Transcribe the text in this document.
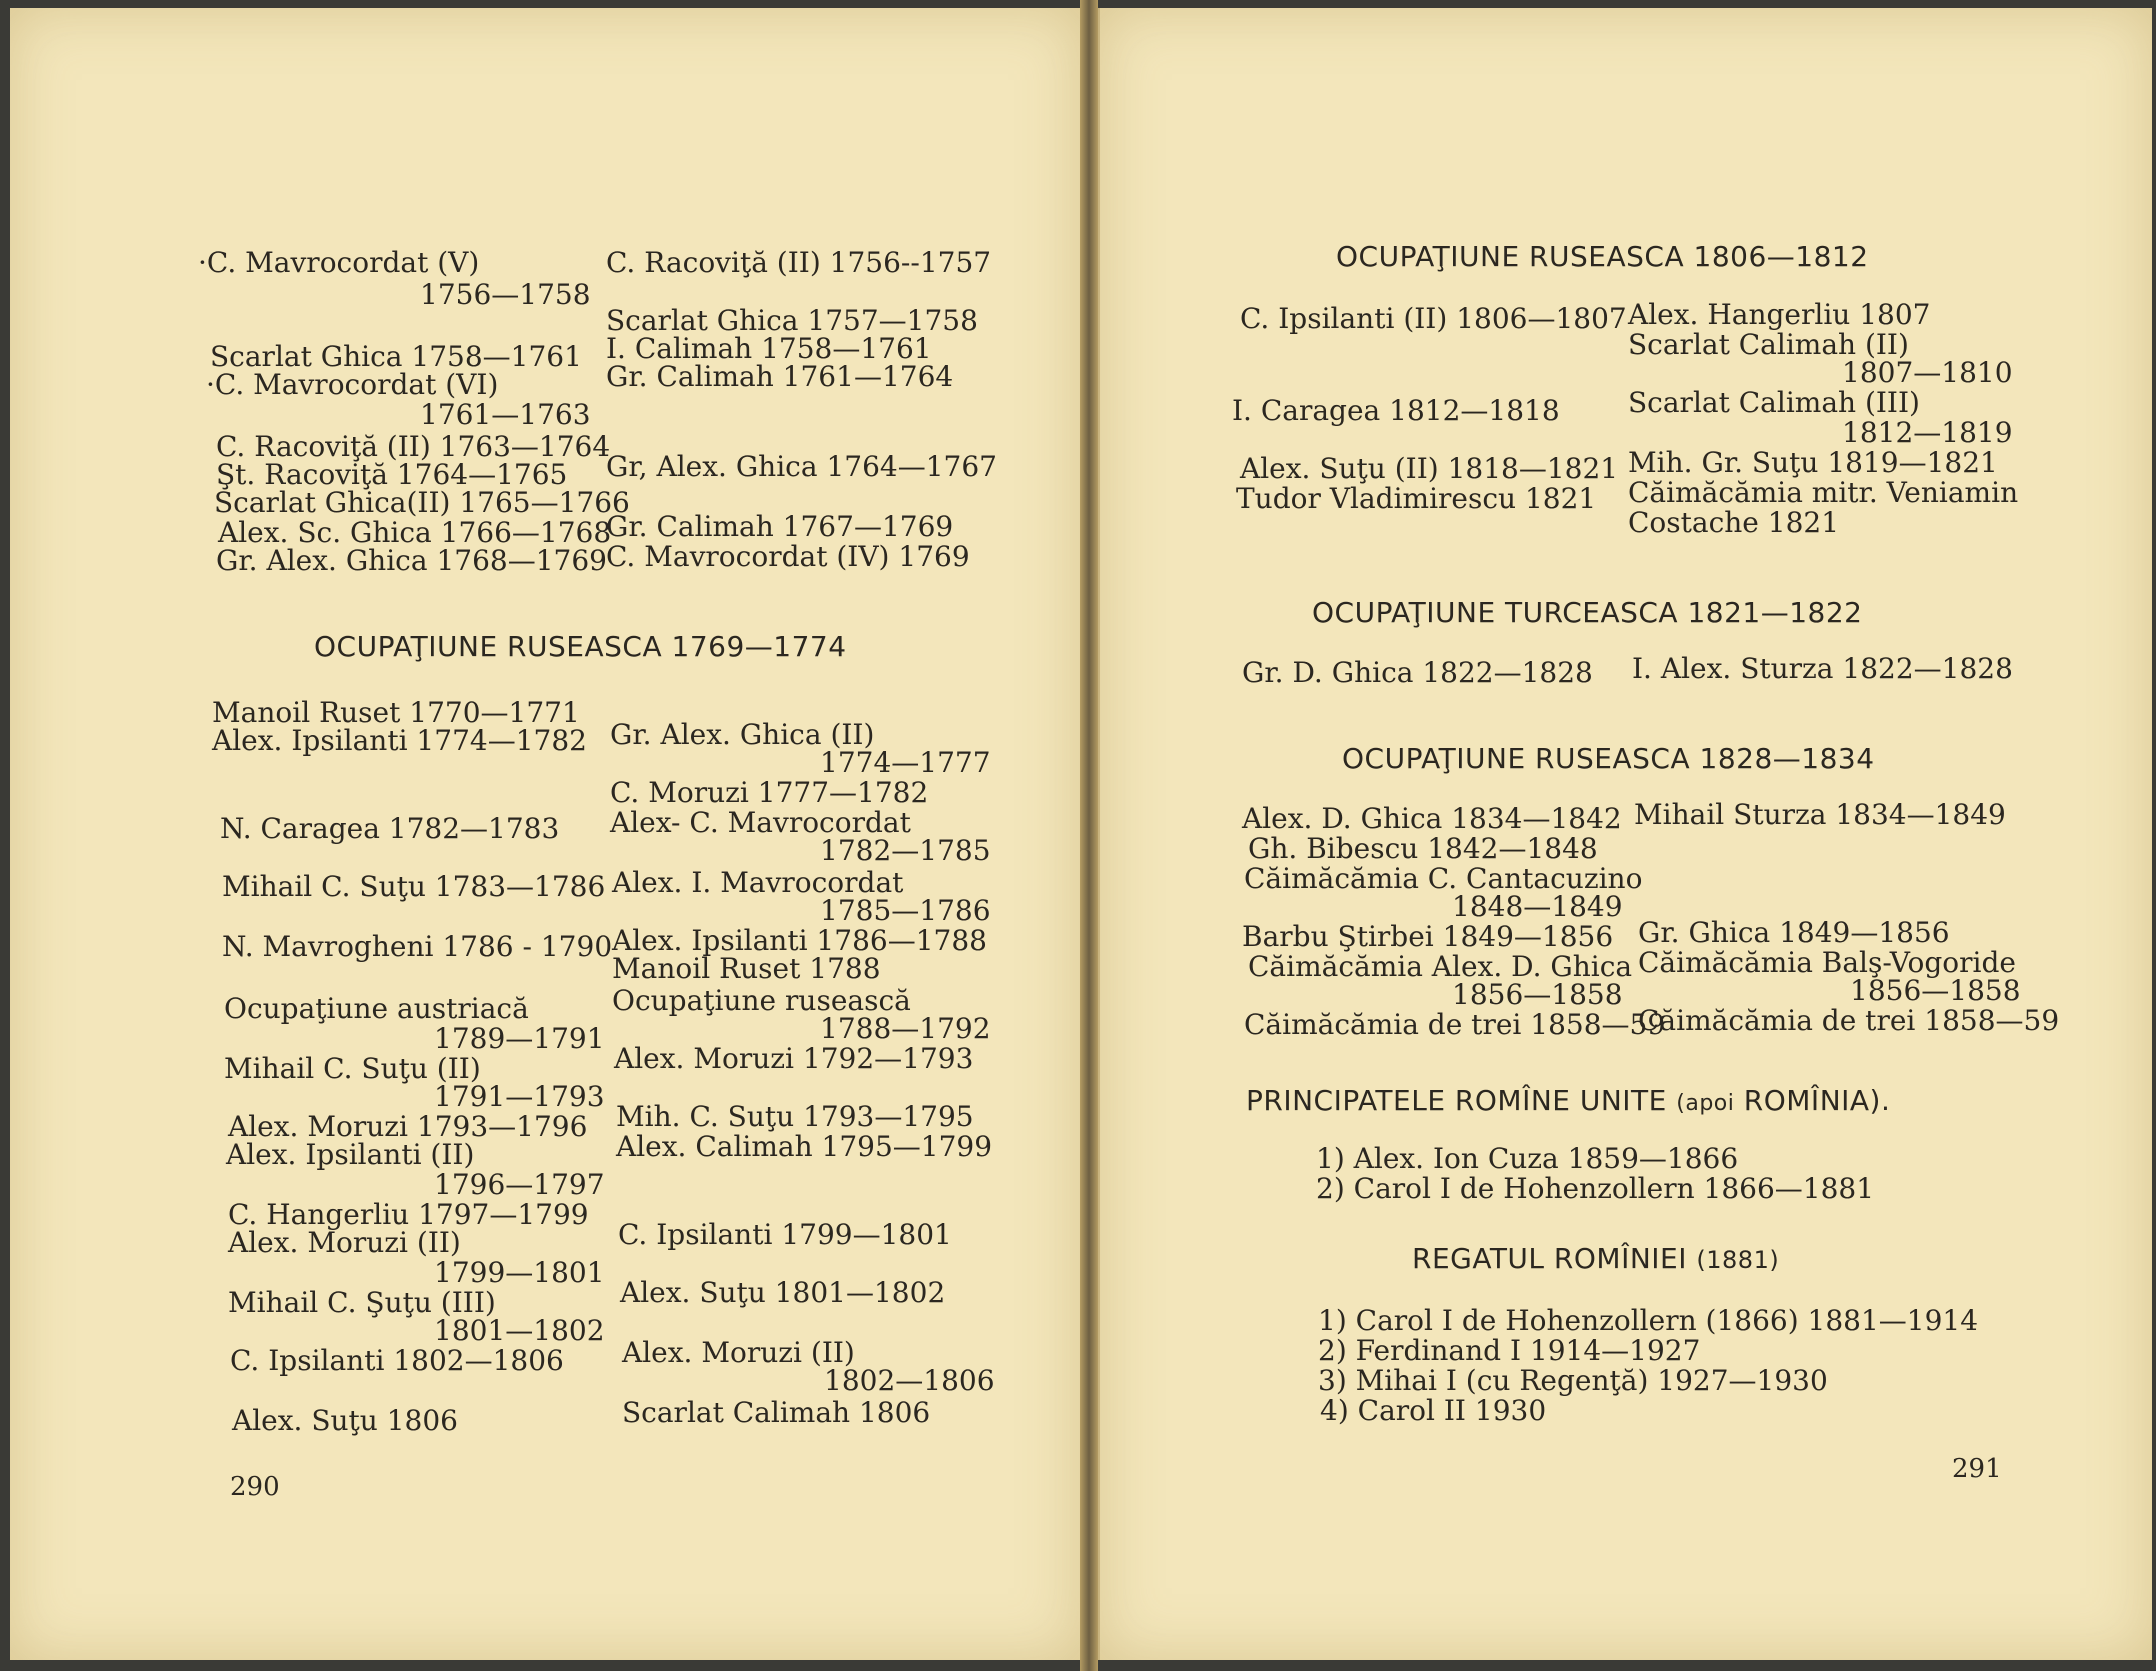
·C. Mavrocordat (V)
1756—1758
Scarlat Ghica 1758—1761
·C. Mavrocordat (VI)
1761—1763
C. Racoviţă (II) 1763—1764
Şt. Racoviţă 1764—1765
Scarlat Ghica(II) 1765—1766
Alex. Sc. Ghica 1766—1768
Gr. Alex. Ghica 1768—1769
C. Racoviţă (II) 1756--1757
Scarlat Ghica 1757—1758
I. Calimah 1758—1761
Gr. Calimah 1761—1764
Gr, Alex. Ghica 1764—1767
Gr. Calimah 1767—1769
C. Mavrocordat (IV) 1769
OCUPAŢIUNE RUSEASCA 1769—1774
Manoil Ruset 1770—1771
Alex. Ipsilanti 1774—1782
N. Caragea 1782—1783
Mihail C. Suţu 1783—1786
N. Mavrogheni 1786 - 1790
Ocupaţiune austriacă
1789—1791
Mihail C. Suţu (II)
1791—1793
Alex. Moruzi 1793—1796
Alex. Ipsilanti (II)
1796—1797
C. Hangerliu 1797—1799
Alex. Moruzi (II)
1799—1801
Mihail C. Şuţu (III)
1801—1802
C. Ipsilanti 1802—1806
Alex. Suţu 1806
Gr. Alex. Ghica (II)
1774—1777
C. Moruzi 1777—1782
Alex- C. Mavrocordat
1782—1785
Alex. I. Mavrocordat
1785—1786
Alex. Ipsilanti 1786—1788
Manoil Ruset 1788
Ocupaţiune rusească
1788—1792
Alex. Moruzi 1792—1793
Mih. C. Suţu 1793—1795
Alex. Calimah 1795—1799
C. Ipsilanti 1799—1801
Alex. Suţu 1801—1802
Alex. Moruzi (II)
1802—1806
Scarlat Calimah 1806
290
OCUPAŢIUNE RUSEASCA 1806—1812
C. Ipsilanti (II) 1806—1807
I. Caragea 1812—1818
Alex. Suţu (II) 1818—1821
Tudor Vladimirescu 1821
Alex. Hangerliu 1807
Scarlat Calimah (II)
1807—1810
Scarlat Calimah (III)
1812—1819
Mih. Gr. Suţu 1819—1821
Căimăcămia mitr. Veniamin
Costache 1821
OCUPAŢIUNE TURCEASCA 1821—1822
Gr. D. Ghica 1822—1828 I. Alex. Sturza 1822—1828
OCUPAŢIUNE RUSEASCA 1828—1834
Alex. D. Ghica 1834—1842
Gh. Bibescu 1842—1848
Căimăcămia C. Cantacuzino
1848—1849
Barbu Ştirbei 1849—1856
Căimăcămia Alex. D. Ghica
1856—1858
Căimăcămia de trei 1858—59
Mihail Sturza 1834—1849
Gr. Ghica 1849—1856
Căimăcămia Balş-Vogoride
1856—1858
Căimăcămia de trei 1858—59
PRINCIPATELE ROMÎNE UNITE (apoi ROMÎNIA).
1) Alex. Ion Cuza 1859—1866
2) Carol I de Hohenzollern 1866—1881
REGATUL ROMÎNIEI (1881)
1) Carol I de Hohenzollern (1866) 1881—1914
2) Ferdinand I 1914—1927
3) Mihai I (cu Regenţă) 1927—1930
4) Carol II 1930
291
